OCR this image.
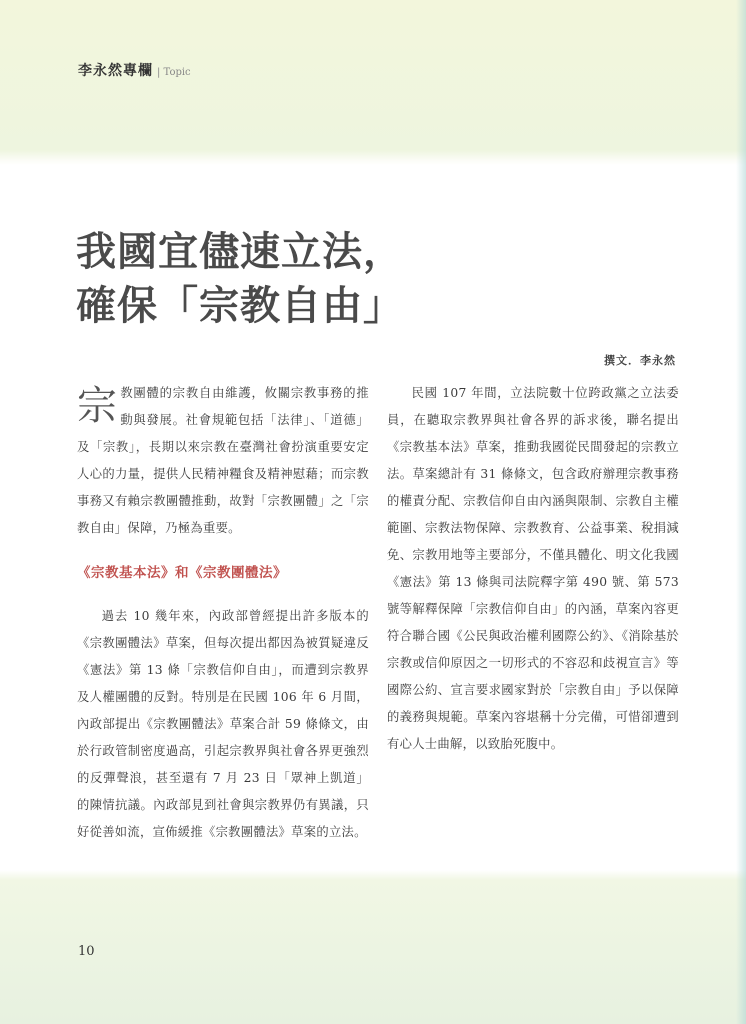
李永然專欄 | Topic
我國宜儘速立法，
確保「宗教自由」
撰文．李永然

宗教團體的宗教自由維護，攸關宗教事務的推動與發展。社會規範包括「法律」、「道德」及「宗教」，長期以來宗教在臺灣社會扮演重要安定人心的力量，提供人民精神糧食及精神慰藉；而宗教事務又有賴宗教團體推動，故對「宗教團體」之「宗教自由」保障，乃極為重要。

《宗教基本法》和《宗教團體法》

過去 10 幾年來，內政部曾經提出許多版本的《宗教團體法》草案，但每次提出都因為被質疑違反《憲法》第 13 條「宗教信仰自由」，而遭到宗教界及人權團體的反對。特別是在民國 106 年 6 月間，內政部提出《宗教團體法》草案合計 59 條條文，由於行政管制密度過高，引起宗教界與社會各界更強烈的反彈聲浪，甚至還有 7 月 23 日「眾神上凱道」的陳情抗議。內政部見到社會與宗教界仍有異議，只好從善如流，宣佈緩推《宗教團體法》草案的立法。

民國 107 年間，立法院數十位跨政黨之立法委員，在聽取宗教界與社會各界的訴求後，聯名提出《宗教基本法》草案，推動我國從民間發起的宗教立法。草案總計有 31 條條文，包含政府辦理宗教事務的權責分配、宗教信仰自由內涵與限制、宗教自主權範圍、宗教法物保障、宗教教育、公益事業、稅捐減免、宗教用地等主要部分，不僅具體化、明文化我國《憲法》第 13 條與司法院釋字第 490 號、第 573 號等解釋保障「宗教信仰自由」的內涵，草案內容更符合聯合國《公民與政治權利國際公約》、《消除基於宗教或信仰原因之一切形式的不容忍和歧視宣言》等國際公約、宣言要求國家對於「宗教自由」予以保障的義務與規範。草案內容堪稱十分完備，可惜卻遭到有心人士曲解，以致胎死腹中。

10
